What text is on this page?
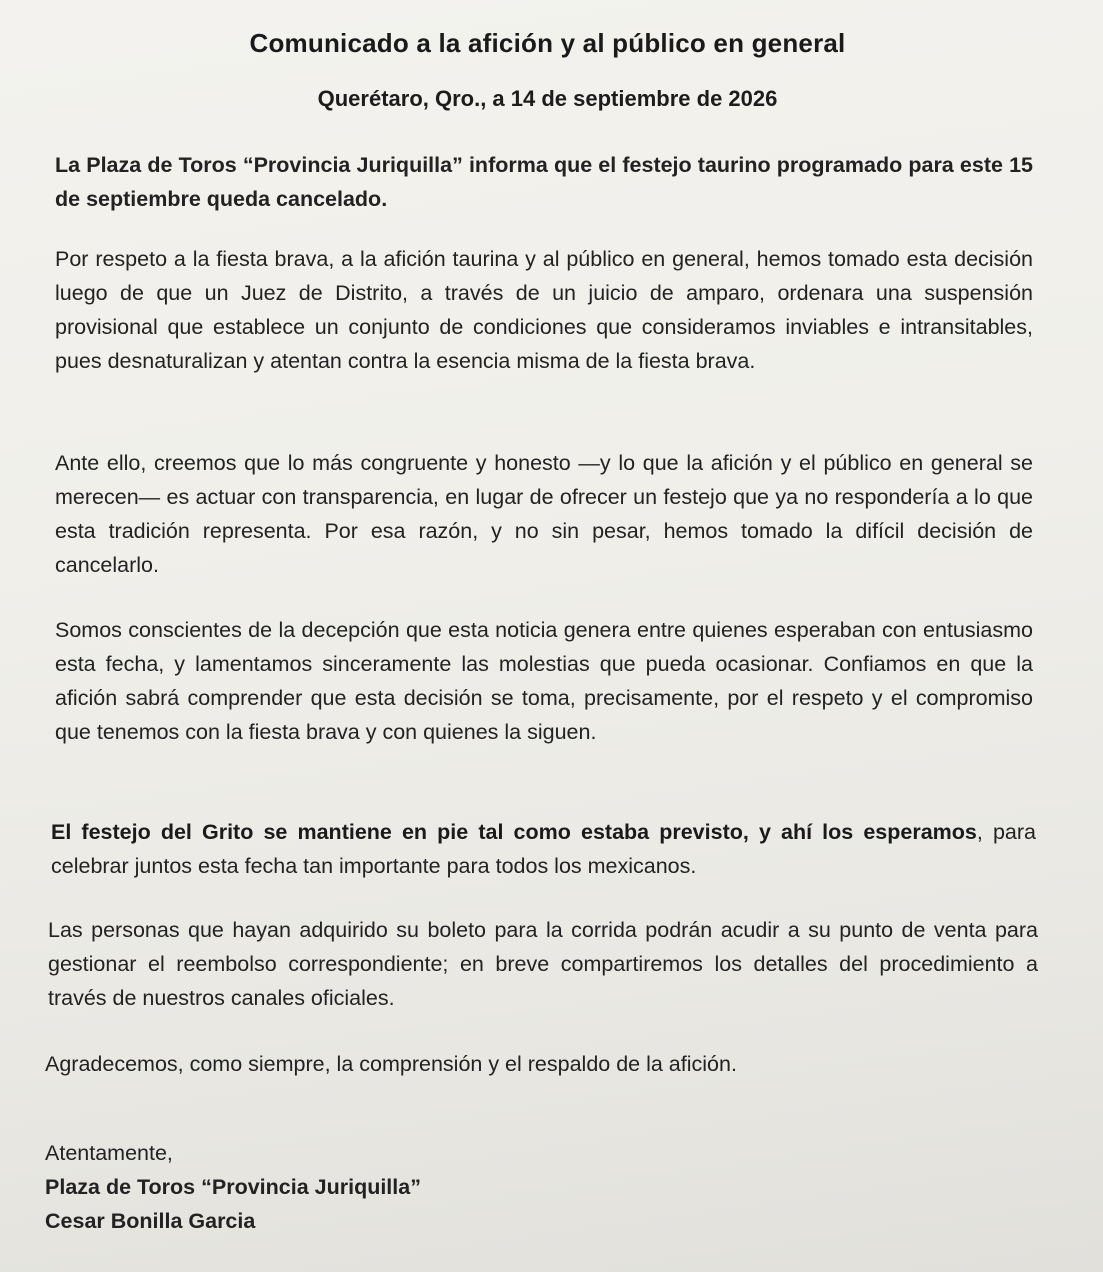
Comunicado a la afición y al público en general
Querétaro, Qro., a 14 de septiembre de 2026

La Plaza de Toros “Provincia Juriquilla” informa que el festejo taurino programado para este 15 de septiembre queda cancelado.

Por respeto a la fiesta brava, a la afición taurina y al público en general, hemos tomado esta decisión luego de que un Juez de Distrito, a través de un juicio de amparo, ordenara una suspensión provisional que establece un conjunto de condiciones que consideramos inviables e intransitables, pues desnaturalizan y atentan contra la esencia misma de la fiesta brava.

Ante ello, creemos que lo más congruente y honesto —y lo que la afición y el público en general se merecen— es actuar con transparencia, en lugar de ofrecer un festejo que ya no respondería a lo que esta tradición representa. Por esa razón, y no sin pesar, hemos tomado la difícil decisión de cancelarlo.

Somos conscientes de la decepción que esta noticia genera entre quienes esperaban con entusiasmo esta fecha, y lamentamos sinceramente las molestias que pueda ocasionar. Confiamos en que la afición sabrá comprender que esta decisión se toma, precisamente, por el respeto y el compromiso que tenemos con la fiesta brava y con quienes la siguen.

El festejo del Grito se mantiene en pie tal como estaba previsto, y ahí los esperamos, para celebrar juntos esta fecha tan importante para todos los mexicanos.

Las personas que hayan adquirido su boleto para la corrida podrán acudir a su punto de venta para gestionar el reembolso correspondiente; en breve compartiremos los detalles del procedimiento a través de nuestros canales oficiales.

Agradecemos, como siempre, la comprensión y el respaldo de la afición.

Atentamente,
Plaza de Toros “Provincia Juriquilla”
Cesar Bonilla Garcia
